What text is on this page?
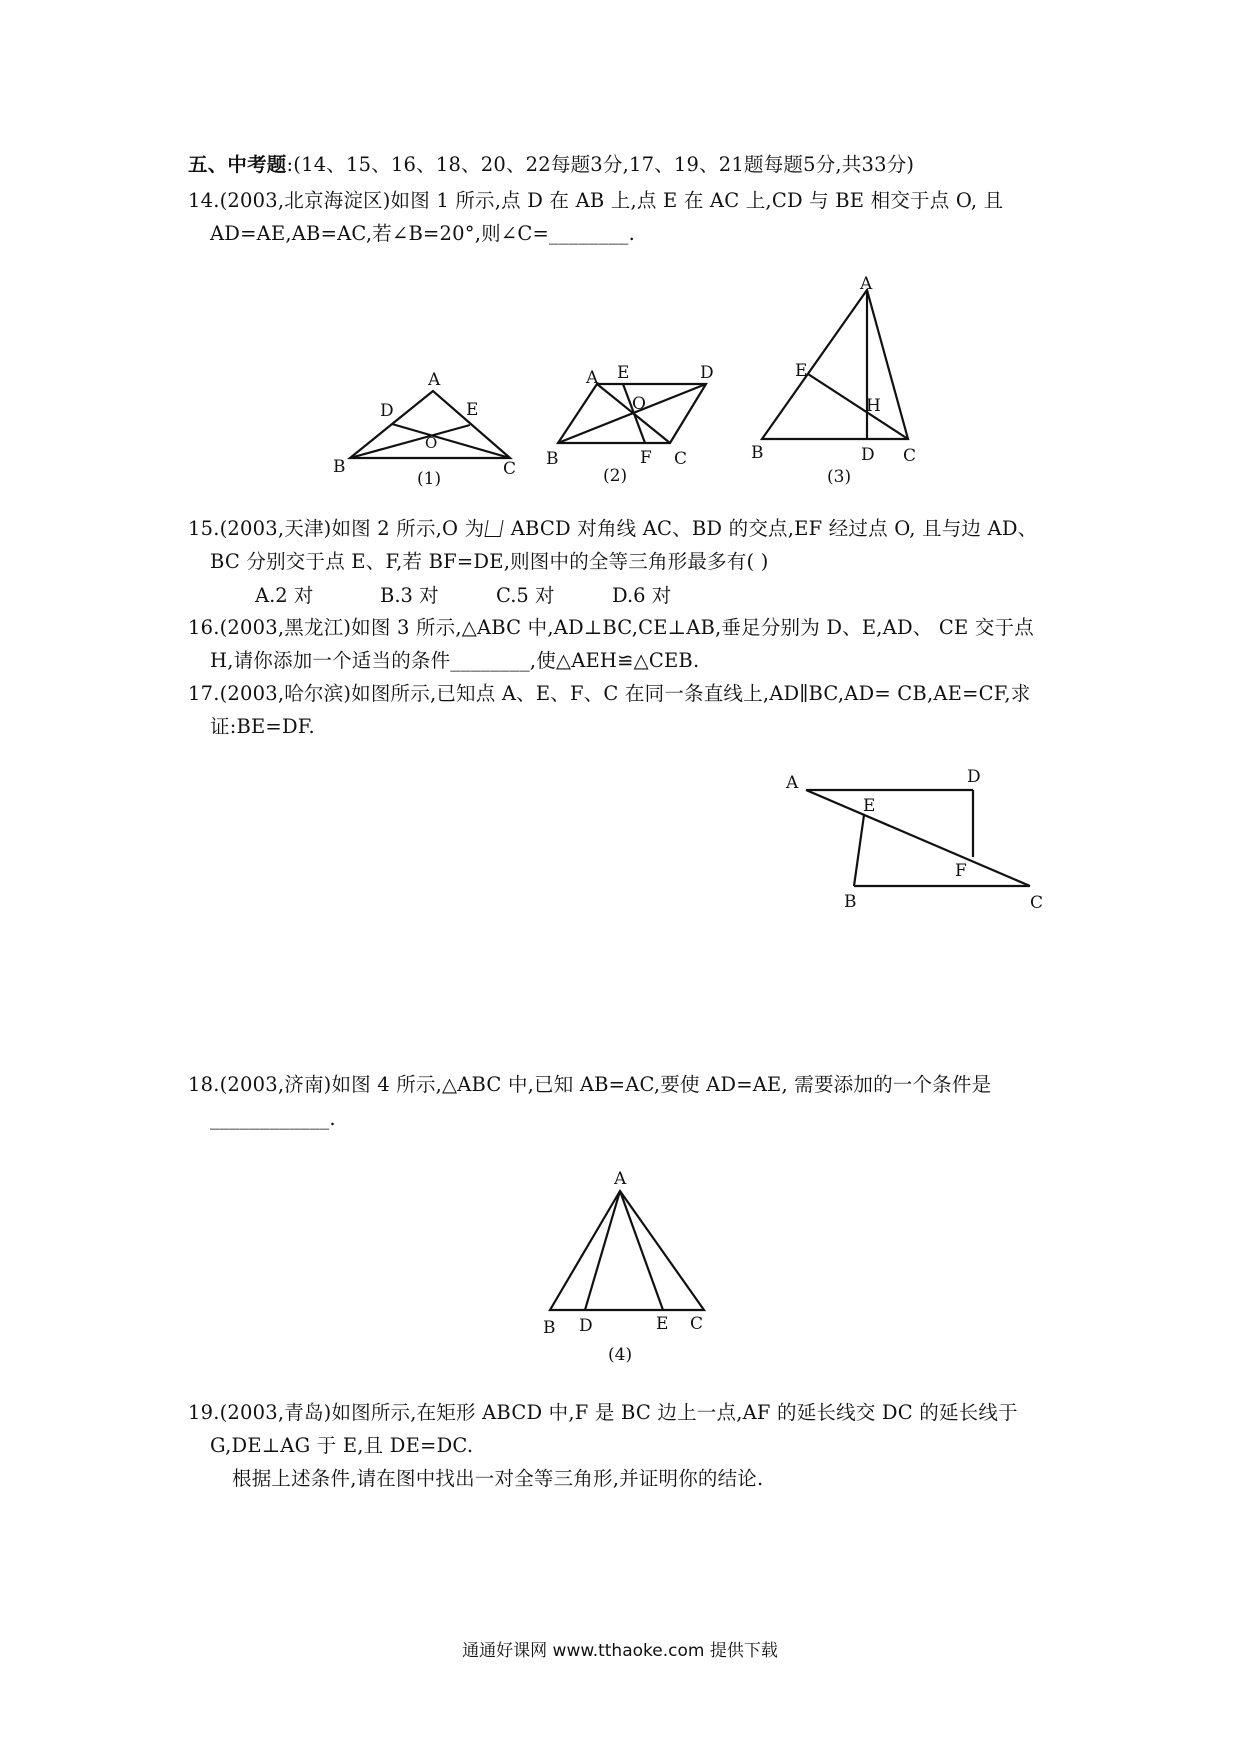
五、中考题:(14、15、16、18、20、22每题3分,17、19、21题每题5分,共33分)
14.(2003,北京海淀区)如图 1 所示,点 D 在 AB 上,点 E 在 AC 上,CD 与 BE 相交于点 O, 且
AD=AE,AB=AC,若∠B=20°,则∠C=________.
A
D	E
O
B	C
(1)
A E	D
O
B	F C
(2)
A
E
H
B	D C
(3)
A	D
E
F
B	C
A
B D	E C
(4)
15.(2003,天津)如图 2 所示,O 为 ABCD 对角线 AC、BD 的交点,EF 经过点 O, 且与边 AD、
BC 分别交于点 E、F,若 BF=DE,则图中的全等三角形最多有( )
A.2 对	B.3 对	C.5 对	D.6 对
16.(2003,黑龙江)如图 3 所示,△ABC 中,AD⊥BC,CE⊥AB,垂足分别为 D、E,AD、 CE 交于点
H,请你添加一个适当的条件________,使△AEH≌△CEB.
17.(2003,哈尔滨)如图所示,已知点 A、E、F、C 在同一条直线上,AD∥BC,AD= CB,AE=CF,求
证:BE=DF.
18.(2003,济南)如图 4 所示,△ABC 中,已知 AB=AC,要使 AD=AE, 需要添加的一个条件是
____________.
19.(2003,青岛)如图所示,在矩形 ABCD 中,F 是 BC 边上一点,AF 的延长线交 DC 的延长线于
G,DE⊥AG 于 E,且 DE=DC.
根据上述条件,请在图中找出一对全等三角形,并证明你的结论.
通通好课网 www.tthaoke.com 提供下载
